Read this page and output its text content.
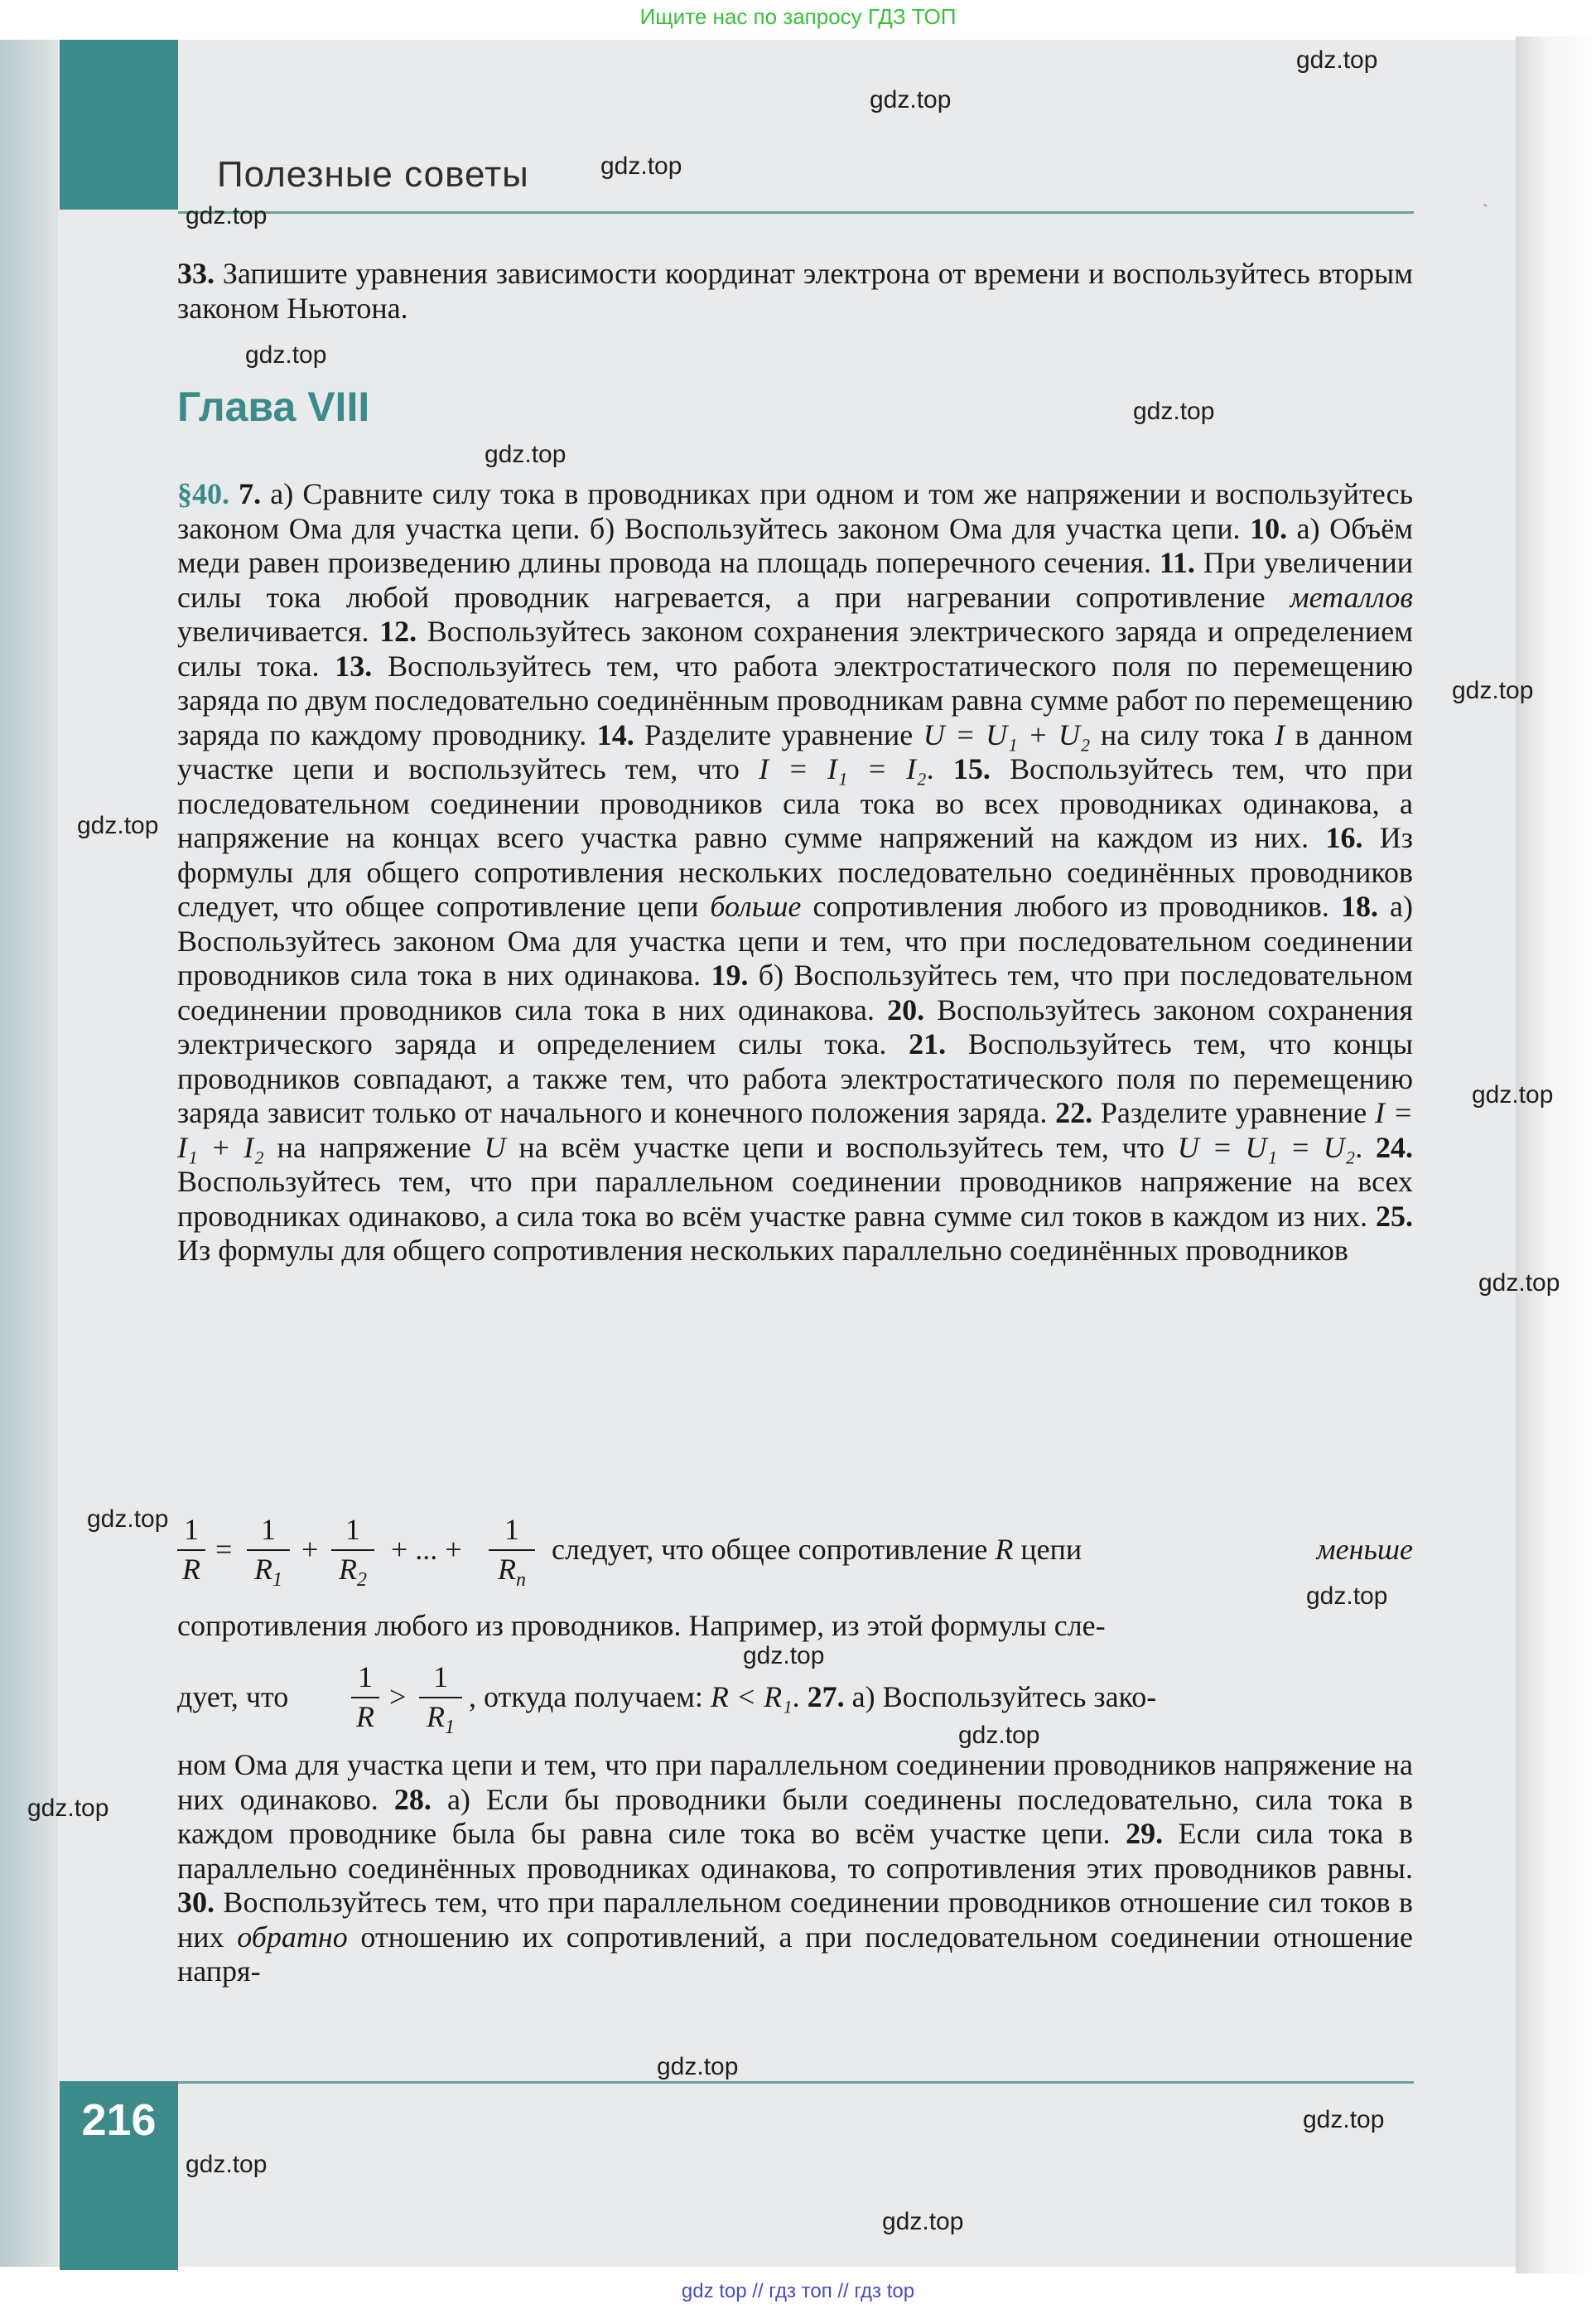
Ищите нас по запросу ГДЗ ТОП
216
Полезные советы
ˏ
33. Запишите уравнения зависимости координат электрона от времени и воспользуйтесь вторым законом Ньютона.
Глава VIII
§40. 7. а) Сравните силу тока в проводниках при одном и том же напряжении и воспользуйтесь законом Ома для участка цепи. б) Воспользуйтесь законом Ома для участка цепи. 10. а) Объём меди равен произведению длины провода на площадь поперечного сечения. 11. При увеличении силы тока любой проводник нагревается, а при нагревании сопротивление металлов увеличивается. 12. Воспользуйтесь законом сохранения электрического заряда и определением силы тока. 13. Воспользуйтесь тем, что работа электростатического поля по перемещению заряда по двум последовательно соединённым проводникам равна сумме работ по перемещению заряда по каждому проводнику. 14. Разделите уравнение U = U₁ + U₂ на силу тока I в данном участке цепи и воспользуйтесь тем, что I = I₁ = I₂. 15. Воспользуйтесь тем, что при последовательном соединении проводников сила тока во всех проводниках одинакова, а напряжение на концах всего участка равно сумме напряжений на каждом из них. 16. Из формулы для общего сопротивления нескольких последовательно соединённых проводников следует, что общее сопротивление цепи больше сопротивления любого из проводников. 18. а) Воспользуйтесь законом Ома для участка цепи и тем, что при последовательном соединении проводников сила тока в них одинакова. 19. б) Воспользуйтесь тем, что при последовательном соединении проводников сила тока в них одинакова. 20. Воспользуйтесь законом сохранения электрического заряда и определением силы тока. 21. Воспользуйтесь тем, что концы проводников совпадают, а также тем, что работа электростатического поля по перемещению заряда зависит только от начального и конечного положения заряда. 22. Разделите уравнение I = I₁ + I₂ на напряжение U на всём участке цепи и воспользуйтесь тем, что U = U₁ = U₂. 24. Воспользуйтесь тем, что при параллельном соединении проводников напряжение на всех проводниках одинаково, а сила тока во всём участке равна сумме сил токов в каждом из них. 25. Из формулы для общего сопротивления нескольких параллельно соединённых проводников
1
R
=
1
$R_1$
+
1
$R_2$
+ ... +
1
$R_n$
следует, что общее сопротивление R цепи	меньше
сопротивления любого из проводников. Например, из этой формулы сле-
дует, что
1
R
>
1
$R_1$
, откуда получаем: R < R₁. 27. а) Воспользуйтесь зако-
ном Ома для участка цепи и тем, что при параллельном соединении проводников напряжение на них одинаково. 28. а) Если бы проводники были соединены последовательно, сила тока в каждом проводнике была бы равна силе тока во всём участке цепи. 29. Если сила тока в параллельно соединённых проводниках одинакова, то сопротивления этих проводников равны. 30. Воспользуйтесь тем, что при параллельном соединении проводников отношение сил токов в них обратно отношению их сопротивлений, а при последовательном соединении отношение напря-
gdz.top
gdz.top
gdz.top
gdz.top
gdz.top
gdz.top
gdz.top
gdz.top
gdz.top
gdz.top
gdz.top
gdz.top
gdz.top
gdz.top
gdz.top
gdz.top
gdz.top
gdz.top
gdz.top
gdz.top
gdz top // гдз топ // гдз top
